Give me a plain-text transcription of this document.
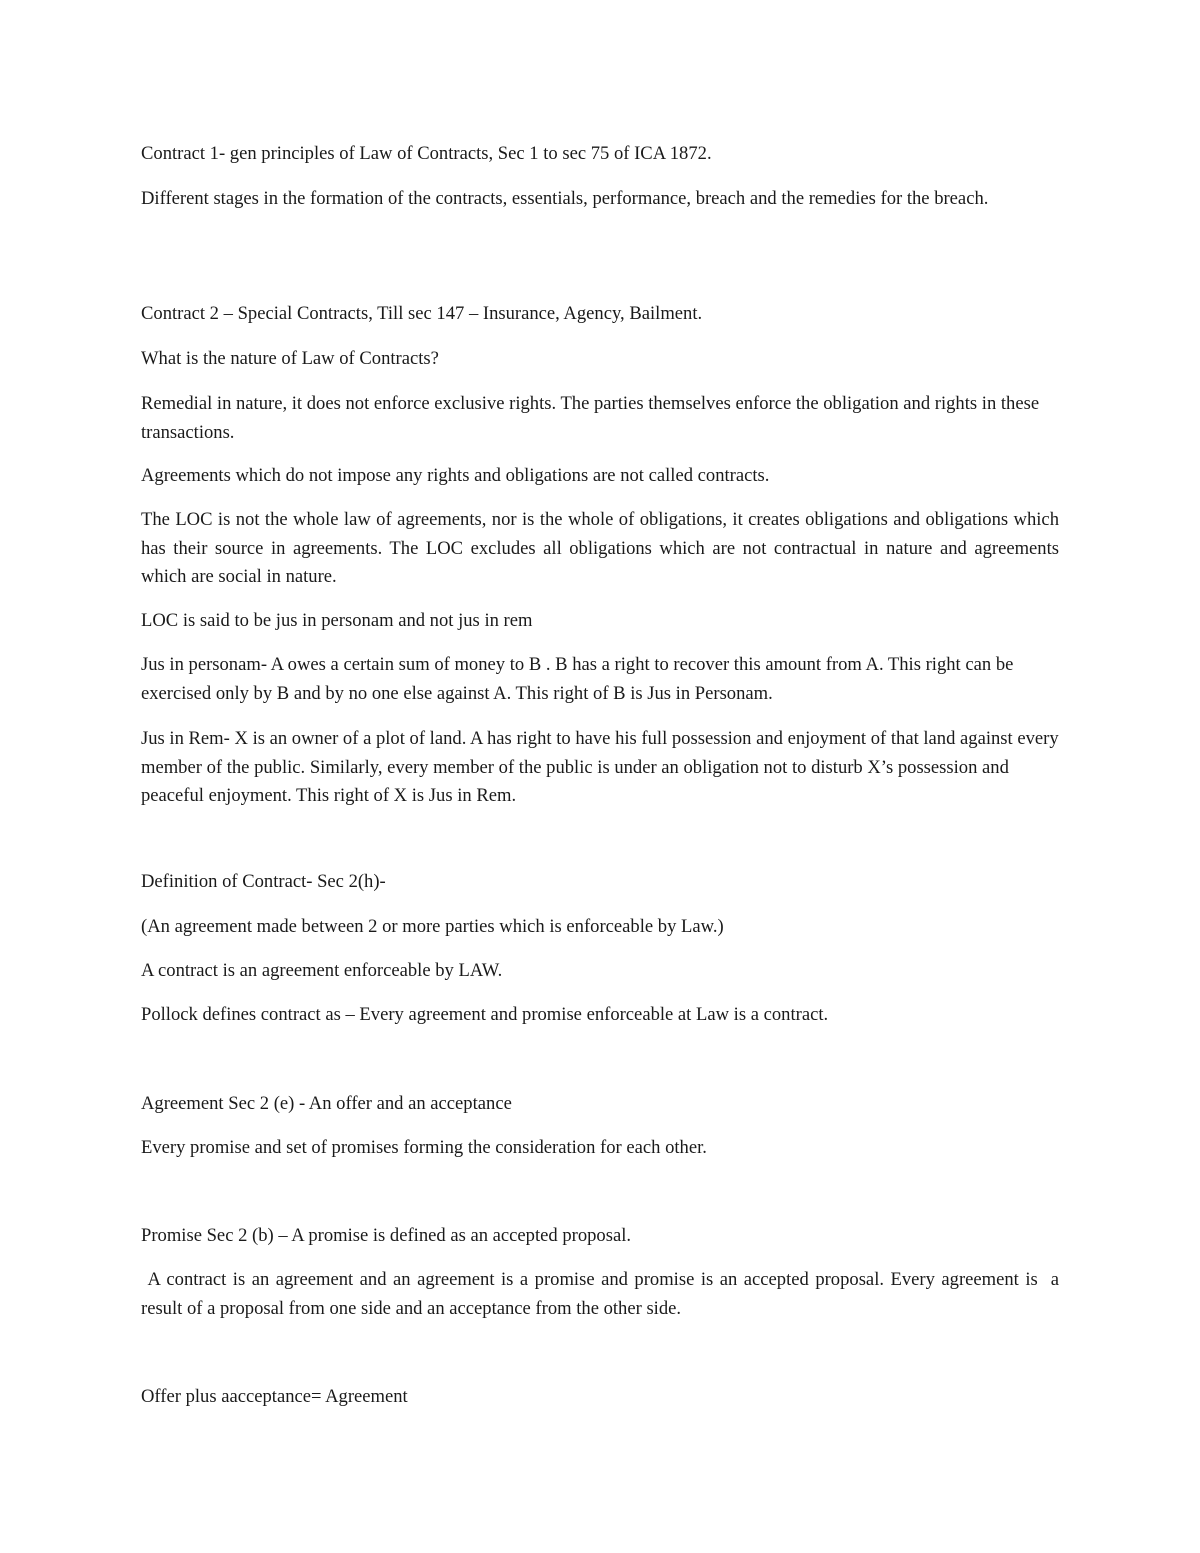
Contract 1- gen principles of Law of Contracts, Sec 1 to sec 75 of ICA 1872.

Different stages in the formation of the contracts, essentials, performance, breach and the remedies for the breach.

Contract 2 – Special Contracts, Till sec 147 – Insurance, Agency, Bailment.

What is the nature of Law of Contracts?

Remedial in nature, it does not enforce exclusive rights. The parties themselves enforce the obligation and rights in these transactions.

Agreements which do not impose any rights and obligations are not called contracts.

The LOC is not the whole law of agreements, nor is the whole of obligations, it creates obligations and obligations which has their source in agreements. The LOC excludes all obligations which are not contractual in nature and agreements which are social in nature.

LOC is said to be jus in personam and not jus in rem

Jus in personam- A owes a certain sum of money to B . B has a right to recover this amount from A. This right can be exercised only by B and by no one else against A. This right of B is Jus in Personam.

Jus in Rem- X is an owner of a plot of land. A has right to have his full possession and enjoyment of that land against every member of the public. Similarly, every member of the public is under an obligation not to disturb X’s possession and peaceful enjoyment. This right of X is Jus in Rem.

Definition of Contract- Sec 2(h)-

(An agreement made between 2 or more parties which is enforceable by Law.)

A contract is an agreement enforceable by LAW.

Pollock defines contract as – Every agreement and promise enforceable at Law is a contract.

Agreement Sec 2 (e) - An offer and an acceptance

Every promise and set of promises forming the consideration for each other.

Promise Sec 2 (b) – A promise is defined as an accepted proposal.

A contract is an agreement and an agreement is a promise and promise is an accepted proposal. Every agreement is  a result of a proposal from one side and an acceptance from the other side.

Offer plus aacceptance= Agreement
